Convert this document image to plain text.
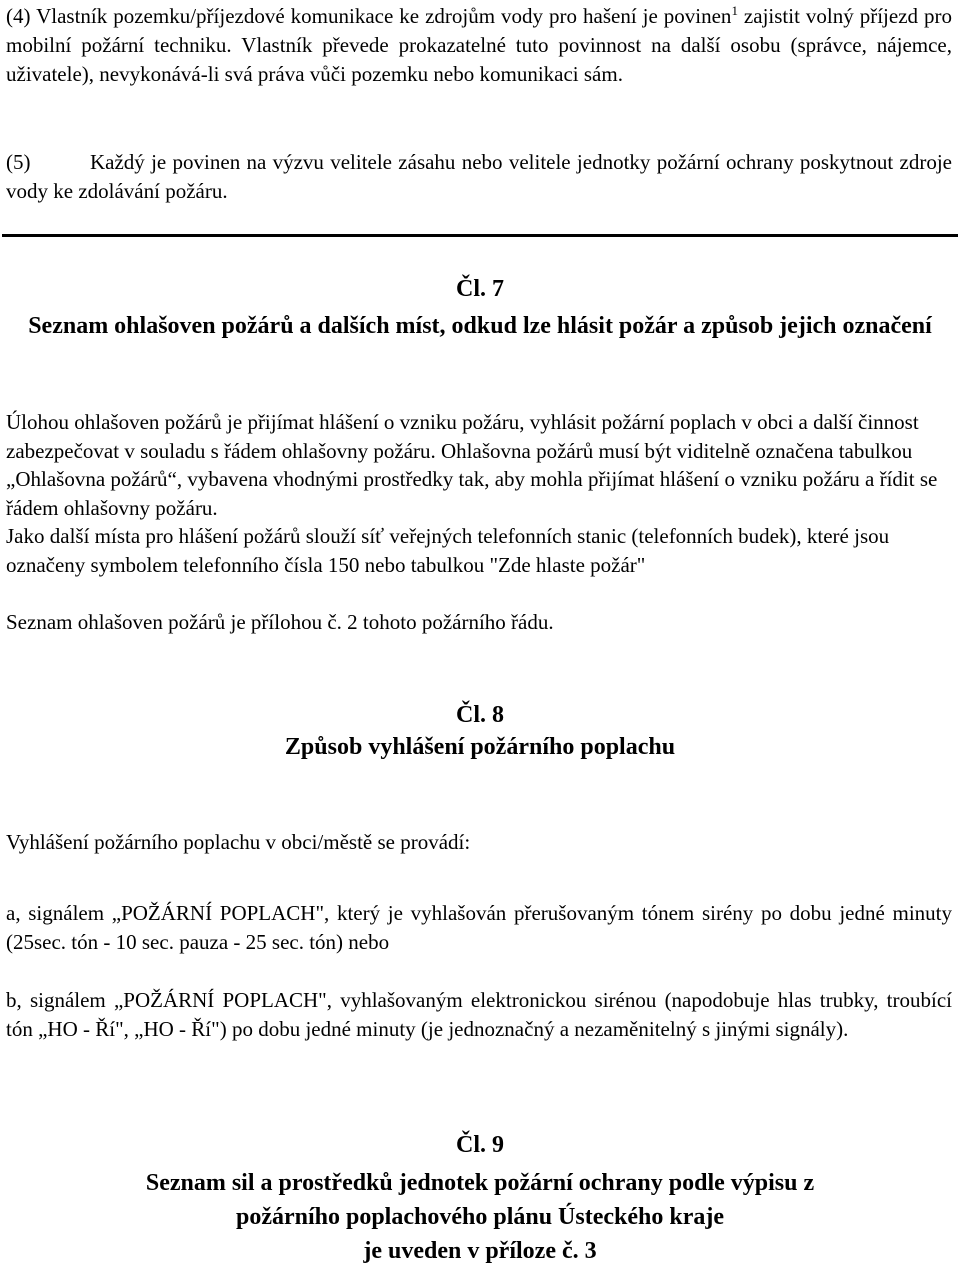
(4) Vlastník pozemku/příjezdové komunikace ke zdrojům vody pro hašení je povinen$^1$ zajistit volný příjezd pro mobilní požární techniku. Vlastník převede prokazatelné tuto povinnost na další osobu (správce, nájemce, uživatele), nevykonává-li svá práva vůči pozemku nebo komunikaci sám.

(5)	Každý je povinen na výzvu velitele zásahu nebo velitele jednotky požární ochrany poskytnout zdroje vody ke zdolávání požáru.

Čl. 7

Seznam ohlašoven požárů a dalších míst, odkud lze hlásit požár a způsob jejich označení

Úlohou ohlašoven požárů je přijímat hlášení o vzniku požáru, vyhlásit požární poplach v obci a další činnost zabezpečovat v souladu s řádem ohlašovny požáru. Ohlašovna požárů musí být viditelně označena tabulkou „Ohlašovna požárů“, vybavena vhodnými prostředky tak, aby mohla přijímat hlášení o vzniku požáru a řídit se řádem ohlašovny požáru.

Jako další místa pro hlášení požárů slouží síť veřejných telefonních stanic (telefonních budek), které jsou označeny symbolem telefonního čísla 150 nebo tabulkou "Zde hlaste požár"

Seznam ohlašoven požárů je přílohou č. 2 tohoto požárního řádu.

Čl. 8

Způsob vyhlášení požárního poplachu

Vyhlášení požárního poplachu v obci/městě se provádí:

a, signálem „POŽÁRNÍ POPLACH", který je vyhlašován přerušovaným tónem sirény po dobu jedné minuty (25sec. tón - 10 sec. pauza - 25 sec. tón) nebo

b, signálem „POŽÁRNÍ POPLACH", vyhlašovaným elektronickou sirénou (napodobuje hlas trubky, troubící tón „HO - Ří", „HO - Ří") po dobu jedné minuty (je jednoznačný a nezaměnitelný s jinými signály).

Čl. 9

Seznam sil a prostředků jednotek požární ochrany podle výpisu z
požárního poplachového plánu Ústeckého kraje
je uveden v příloze č. 3
